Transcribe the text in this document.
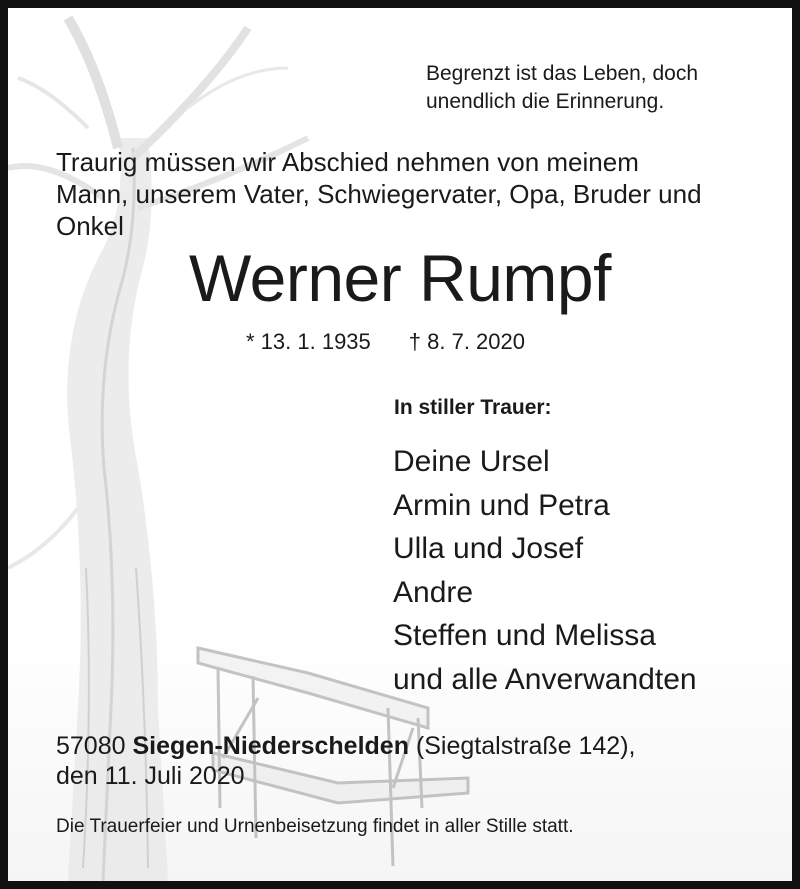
Begrenzt ist das Leben, doch
unendlich die Erinnerung.
Traurig müssen wir Abschied nehmen von meinem
Mann, unserem Vater, Schwiegervater, Opa, Bruder und
Onkel
Werner Rumpf
* 13. 1. 1935 † 8. 7. 2020
In stiller Trauer:
Deine Ursel
Armin und Petra
Ulla und Josef
Andre
Steffen und Melissa
und alle Anverwandten
57080 Siegen-Niederschelden (Siegtalstraße 142),
den 11. Juli 2020
Die Trauerfeier und Urnenbeisetzung findet in aller Stille statt.
